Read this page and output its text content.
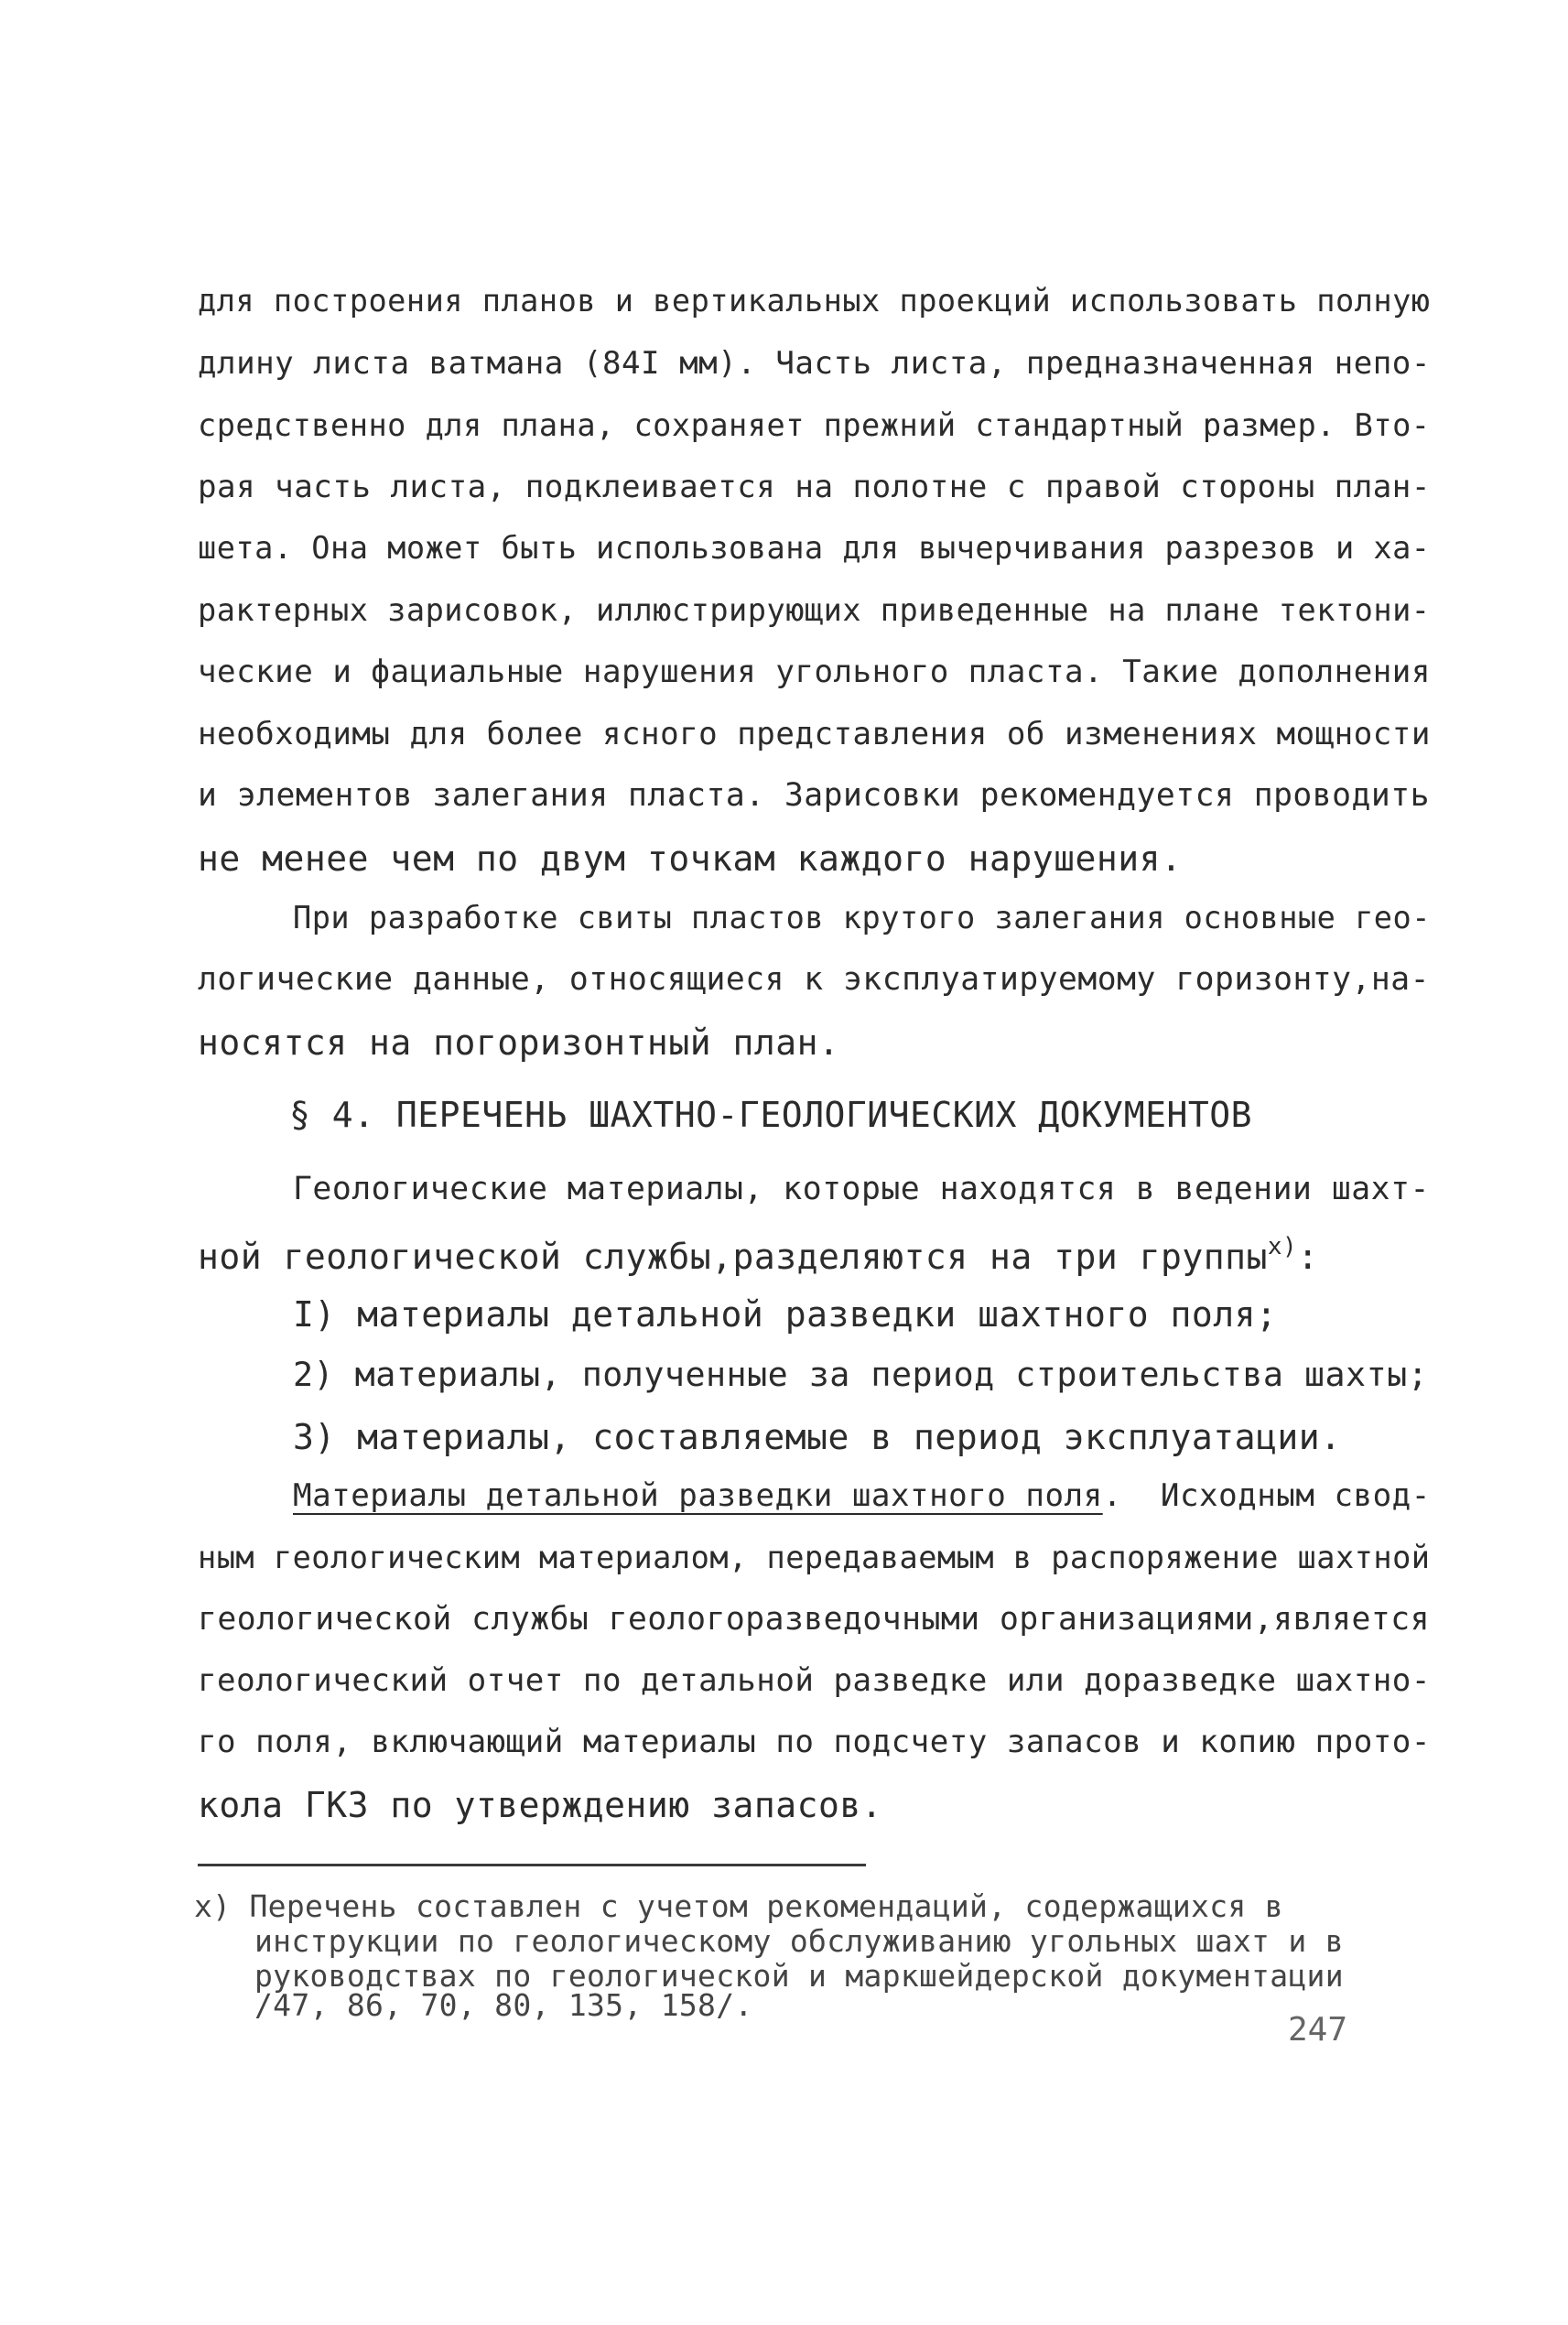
для построения планов и вертикальных проекций использовать полную
длину листа ватмана (84I мм). Часть листа, предназначенная непо-
средственно для плана, сохраняет прежний стандартный размер. Вто-
рая часть листа, подклеивается на полотне с правой стороны план-
шета. Она может быть использована для вычерчивания разрезов и ха-
рактерных зарисовок, иллюстрирующих приведенные на плане тектони-
ческие и фациальные нарушения угольного пласта. Такие дополнения
необходимы для более ясного представления об изменениях мощности
и элементов залегания пласта. Зарисовки рекомендуется проводить
не менее чем по двум точкам каждого нарушения.
При разработке свиты пластов крутого залегания основные гео-
логические данные, относящиеся к эксплуатируемому горизонту,на-
носятся на погоризонтный план.
§ 4. ПЕРЕЧЕНЬ ШАХТНО-ГЕОЛОГИЧЕСКИХ ДОКУМЕНТОВ
Геологические материалы, которые находятся в ведении шахт-
ной геологической службы,разделяются на три группы$^{x)}$:
I) материалы детальной разведки шахтного поля;
2) материалы, полученные за период строительства шахты;
3) материалы, составляемые в период эксплуатации.
Материалы детальной разведки шахтного поля.  Исходным свод-
ным геологическим материалом, передаваемым в распоряжение шахтной
геологической службы геологоразведочными организациями,является
геологический отчет по детальной разведке или доразведке шахтно-
го поля, включающий материалы по подсчету запасов и копию прото-
кола ГКЗ по утверждению запасов.
x) Перечень составлен с учетом рекомендаций, содержащихся в
инструкции по геологическому обслуживанию угольных шахт и в
руководствах по геологической и маркшейдерской документации
/47, 86, 70, 80, 135, 158/.
247
